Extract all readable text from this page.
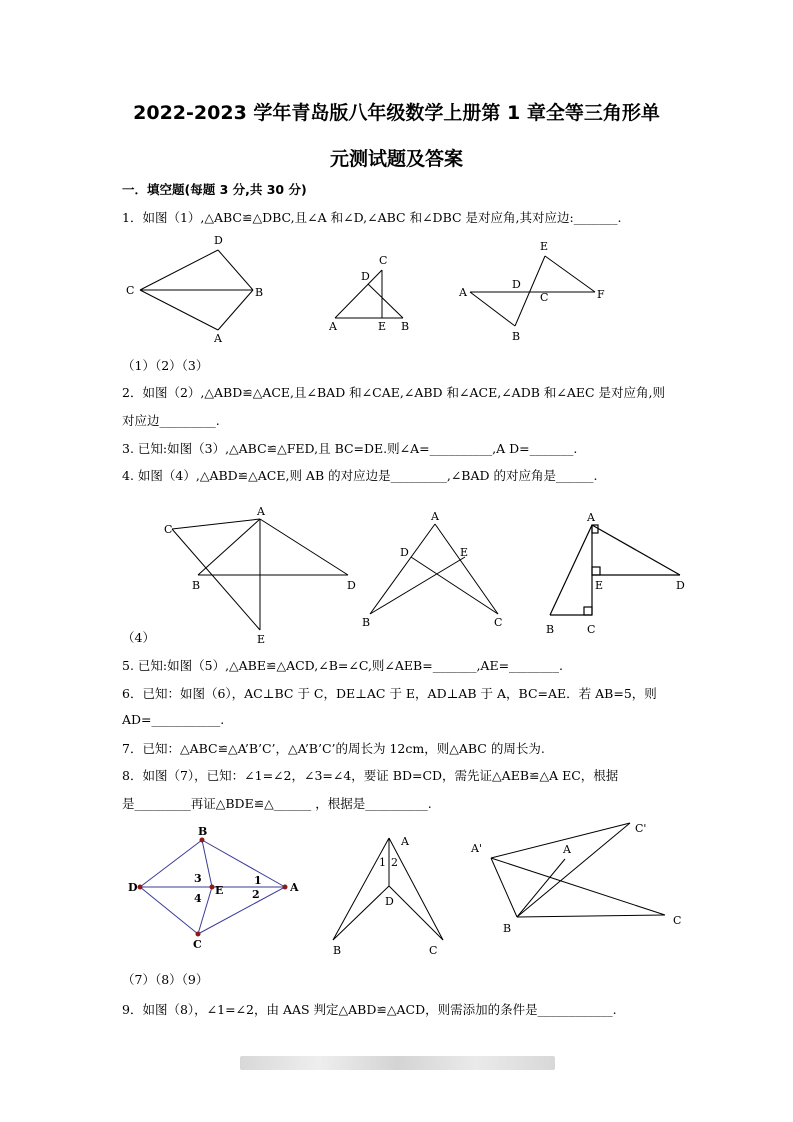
2022-2023 学年青岛版八年级数学上册第 1 章全等三角形单
元测试题及答案
一．填空题(每题 3 分,共 30 分)
1．如图（1）,△ABC≌△DBC,且∠A 和∠D,∠ABC 和∠DBC 是对应角,其对应边:_______.
D
C	B
A
C
D
A	E B
E
A
D
C	F
B
（1）（2）（3）
2．如图（2）,△ABD≌△ACE,且∠BAD 和∠CAE,∠ABD 和∠ACE,∠ADB 和∠AEC 是对应角,则
对应边_________.
3. 已知:如图（3）,△ABC≌△FED,且 BC=DE.则∠A=__________,A D=_______.
4. 如图（4）,△ABD≌△ACE,则 AB 的对应边是_________,∠BAD 的对应角是______.
A
C
B	D
E
A
D	E
B	C
A
E	D
B	C
（4）
5. 已知:如图（5）,△ABE≌△ACD,∠B=∠C,则∠AEB=_______,AE=________.
6．已知：如图（6），AC⊥BC 于 C，DE⊥AC 于 E，AD⊥AB 于 A，BC=AE．若 AB=5，则
AD=___________.
7．已知：△ABC≌△A’B’C’，△A’B’C’的周长为 12cm，则△ABC 的周长为.
8．如图（7），已知：∠1=∠2，∠3=∠4，要证 BD=CD，需先证△AEB≌△A EC，根据
是_________再证△BDE≌△______ ，根据是__________.
B
D
3
E
1
A
4	2
C
A
1 2
D
B	C
C'
A'	A
B
C
（7）（8）（9）
9．如图（8），∠1=∠2，由 AAS 判定△ABD≌△ACD，则需添加的条件是____________.
